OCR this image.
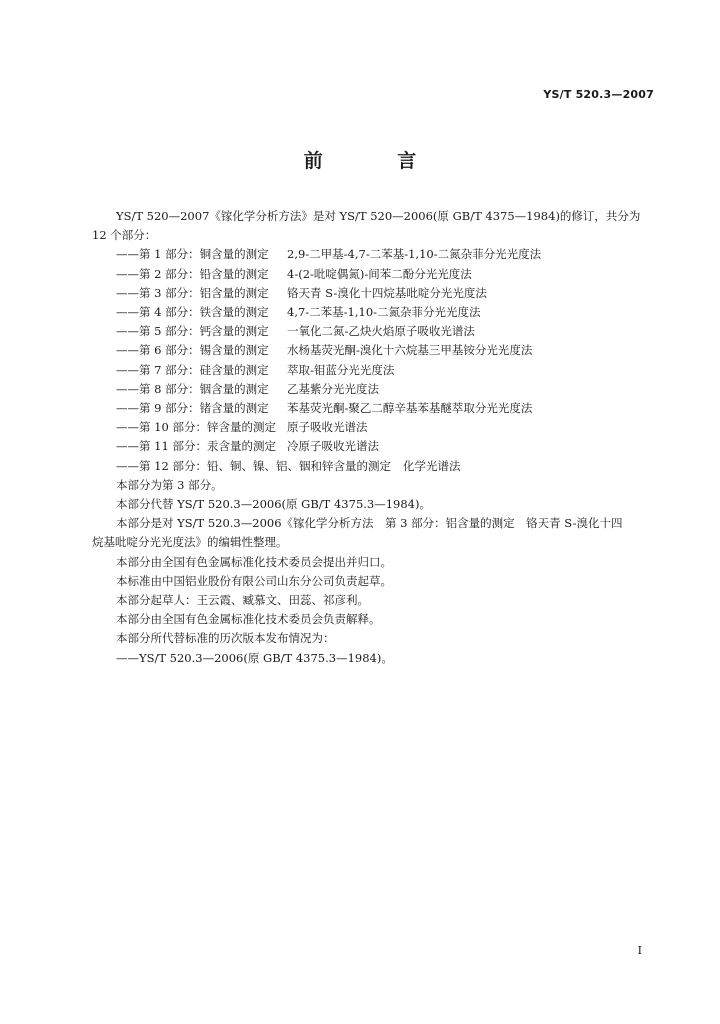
YS/T 520.3—2007
前 言

YS/T 520—2007《镓化学分析方法》是对 YS/T 520—2006(原 GB/T 4375—1984)的修订，共分为

12 个部分：

——第 1 部分：铜含量的测定 2,9-二甲基-4,7-二苯基-1,10-二氮杂菲分光光度法

——第 2 部分：铅含量的测定 4-(2-吡啶偶氮)-间苯二酚分光光度法

——第 3 部分：铝含量的测定 铬天青 S-溴化十四烷基吡啶分光光度法

——第 4 部分：铁含量的测定 4,7-二苯基-1,10-二氮杂菲分光光度法

——第 5 部分：钙含量的测定 一氧化二氮-乙炔火焰原子吸收光谱法

——第 6 部分：锡含量的测定 水杨基荧光酮-溴化十六烷基三甲基铵分光光度法

——第 7 部分：硅含量的测定 萃取-钼蓝分光光度法

——第 8 部分：铟含量的测定 乙基紫分光光度法

——第 9 部分：锗含量的测定 苯基荧光酮-聚乙二醇辛基苯基醚萃取分光光度法

——第 10 部分：锌含量的测定 原子吸收光谱法

——第 11 部分：汞含量的测定 冷原子吸收光谱法

——第 12 部分：铅、铜、镍、铝、铟和锌含量的测定 化学光谱法

本部分为第 3 部分。

本部分代替 YS/T 520.3—2006(原 GB/T 4375.3—1984)。

本部分是对 YS/T 520.3—2006《镓化学分析方法　第 3 部分：铝含量的测定　铬天青 S-溴化十四

烷基吡啶分光光度法》的编辑性整理。

本部分由全国有色金属标准化技术委员会提出并归口。

本标准由中国铝业股份有限公司山东分公司负责起草。

本部分起草人：王云霞、臧慕文、田蕊、祁彦利。

本部分由全国有色金属标准化技术委员会负责解释。

本部分所代替标准的历次版本发布情况为：

——YS/T 520.3—2006(原 GB/T 4375.3—1984)。

I
